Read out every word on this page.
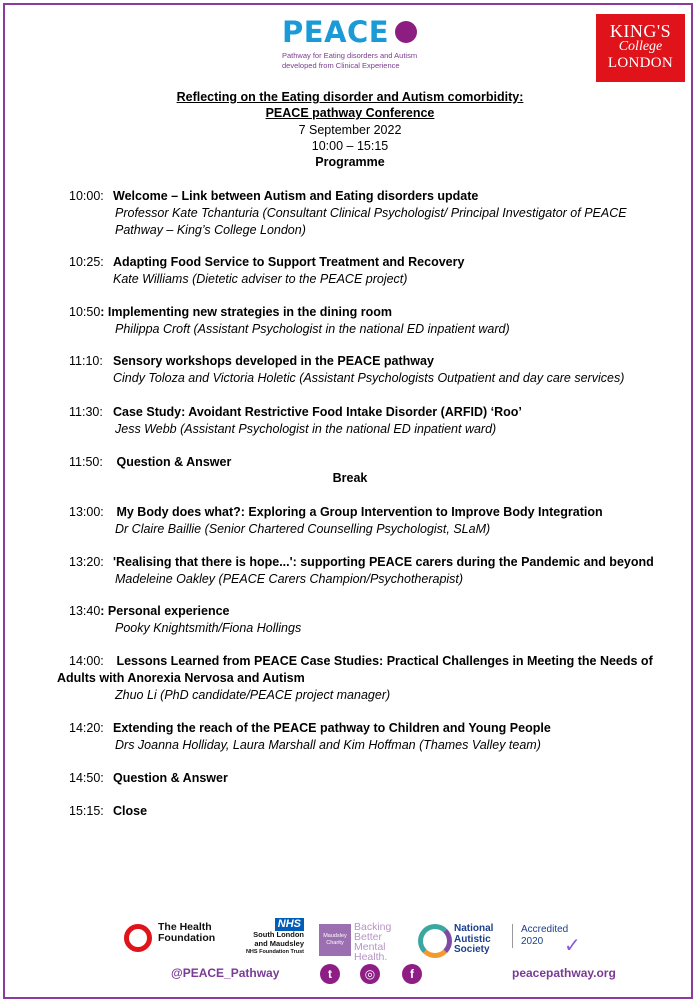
PEACE
Pathway for Eating disorders and Autism
developed from Clinical Experience
KING'S
College
LONDON
Reflecting on the Eating disorder and Autism comorbidity:
PEACE pathway Conference
7 September 2022
10:00 – 15:15
Programme
10:00: Welcome – Link between Autism and Eating disorders update
Professor Kate Tchanturia (Consultant Clinical Psychologist/ Principal Investigator of PEACE
Pathway – King’s College London)
10:25: Adapting Food Service to Support Treatment and Recovery
Kate Williams (Dietetic adviser to the PEACE project)
10:50: Implementing new strategies in the dining room
Philippa Croft (Assistant Psychologist in the national ED inpatient ward)
11:10: Sensory workshops developed in the PEACE pathway
Cindy Toloza and Victoria Holetic (Assistant Psychologists Outpatient and day care services)
11:30: Case Study: Avoidant Restrictive Food Intake Disorder (ARFID) ‘Roo’
Jess Webb (Assistant Psychologist in the national ED inpatient ward)
11:50: Question & Answer
Break
13:00: My Body does what?: Exploring a Group Intervention to Improve Body Integration
Dr Claire Baillie (Senior Chartered Counselling Psychologist, SLaM)
13:20: 'Realising that there is hope...': supporting PEACE carers during the Pandemic and beyond
Madeleine Oakley (PEACE Carers Champion/Psychotherapist)
13:40: Personal experience
Pooky Knightsmith/Fiona Hollings
14:00: Lessons Learned from PEACE Case Studies: Practical Challenges in Meeting the Needs of
Adults with Anorexia Nervosa and Autism
Zhuo Li (PhD candidate/PEACE project manager)
14:20: Extending the reach of the PEACE pathway to Children and Young People
Drs Joanna Holliday, Laura Marshall and Kim Hoffman (Thames Valley team)
14:50: Question & Answer
15:15: Close
The Health Foundation
NHS
South London
and Maudsley
NHS Foundation Trust
Maudsley Charity
Backing
Better
Mental
Health.
National
Autistic
Society
Accredited
2020	✓
@PEACE_Pathway	t	◎	f	peacepathway.org
